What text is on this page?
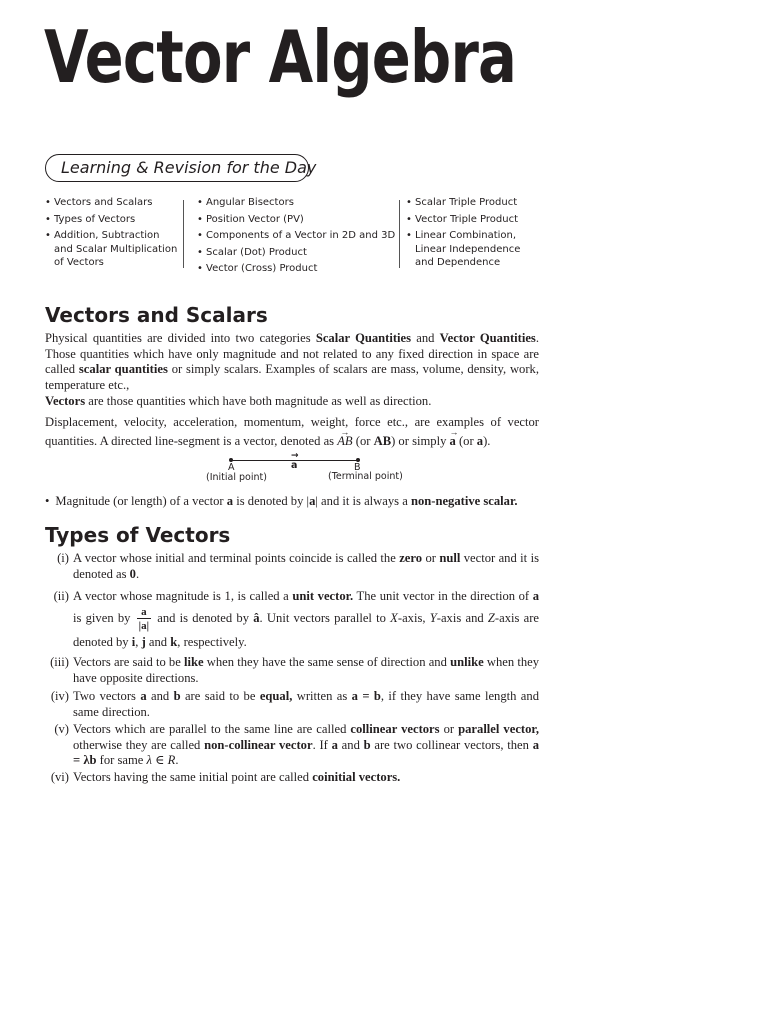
Vector Algebra
Learning & Revision for the Day
• Vectors and Scalars
• Types of Vectors
• Addition, Subtraction and Scalar Multiplication of Vectors
• Angular Bisectors
• Position Vector (PV)
• Components of a Vector in 2D and 3D
• Scalar (Dot) Product
• Vector (Cross) Product
• Scalar Triple Product
• Vector Triple Product
• Linear Combination, Linear Independence and Dependence
Vectors and Scalars

Physical quantities are divided into two categories Scalar Quantities and Vector Quantities. Those quantities which have only magnitude and not related to any fixed direction in space are called scalar quantities or simply scalars. Examples of scalars are mass, volume, density, work, temperature etc.,

Vectors are those quantities which have both magnitude as well as direction.

Displacement, velocity, acceleration, momentum, weight, force etc., are examples of vector quantities. A directed line-segment is a vector, denoted as → AB (or AB) or simply → a (or a).

A
→	a	B
(Initial point)	(Terminal point)

• Magnitude (or length) of a vector a is denoted by |a| and it is always a non-negative scalar.

Types of Vectors
(i) A vector whose initial and terminal points coincide is called the zero or null vector and it is denoted as 0.
(ii) A vector whose magnitude is 1, is called a unit vector. The unit vector in the direction of a is given by $\frac{a}{|a|}$ and is denoted by â. Unit vectors parallel to X-axis, Y-axis and Z-axis are denoted by i, j and k, respectively.
(iii) Vectors are said to be like when they have the same sense of direction and unlike when they have opposite directions.
(iv) Two vectors a and b are said to be equal, written as a = b, if they have same length and same direction.
(v) Vectors which are parallel to the same line are called collinear vectors or parallel vector, otherwise they are called non-collinear vector. If a and b are two collinear vectors, then a = λb for same λ ∈ R.
(vi) Vectors having the same initial point are called coinitial vectors.
